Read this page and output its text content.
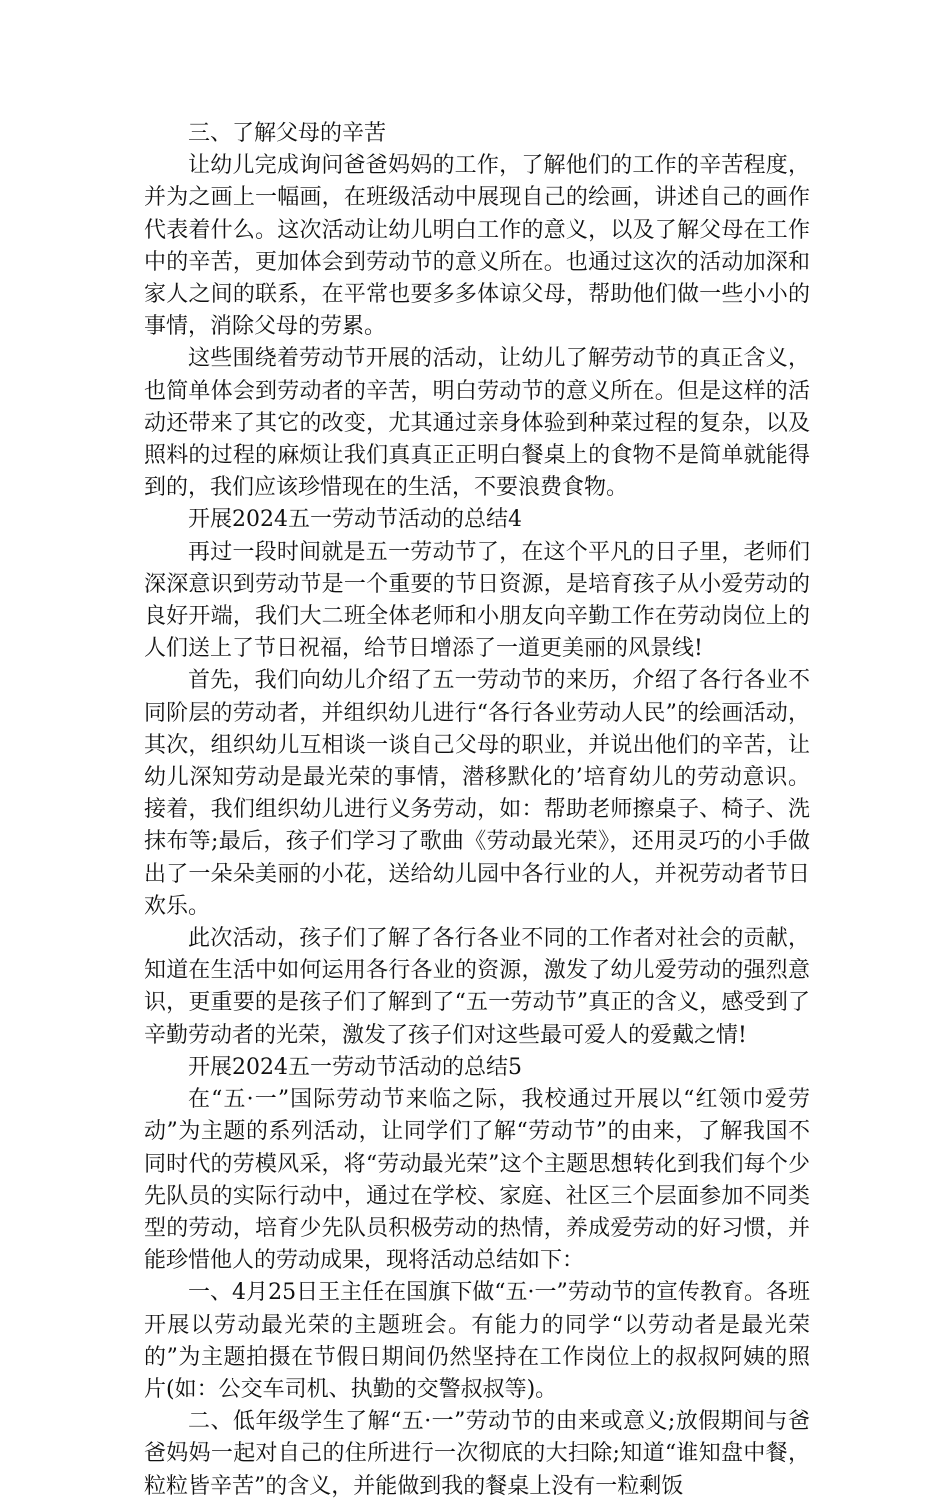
三、了解父母的辛苦

让幼儿完成询问爸爸妈妈的工作，了解他们的工作的辛苦程度，并为之画上一幅画，在班级活动中展现自己的绘画，讲述自己的画作代表着什么。这次活动让幼儿明白工作的意义，以及了解父母在工作中的辛苦，更加体会到劳动节的意义所在。也通过这次的活动加深和家人之间的联系，在平常也要多多体谅父母，帮助他们做一些小小的事情，消除父母的劳累。

这些围绕着劳动节开展的活动，让幼儿了解劳动节的真正含义，也简单体会到劳动者的辛苦，明白劳动节的意义所在。但是这样的活动还带来了其它的改变，尤其通过亲身体验到种菜过程的复杂，以及照料的过程的麻烦让我们真真正正明白餐桌上的食物不是简单就能得到的，我们应该珍惜现在的生活，不要浪费食物。

开展2024五一劳动节活动的总结4

再过一段时间就是五一劳动节了，在这个平凡的日子里，老师们深深意识到劳动节是一个重要的节日资源，是培育孩子从小爱劳动的良好开端，我们大二班全体老师和小朋友向辛勤工作在劳动岗位上的人们送上了节日祝福，给节日增添了一道更美丽的风景线!

首先，我们向幼儿介绍了五一劳动节的来历，介绍了各行各业不同阶层的劳动者，并组织幼儿进行“各行各业劳动人民”的绘画活动，其次，组织幼儿互相谈一谈自己父母的职业，并说出他们的辛苦，让幼儿深知劳动是最光荣的事情，潜移默化的’培育幼儿的劳动意识。接着，我们组织幼儿进行义务劳动，如：帮助老师擦桌子、椅子、洗抹布等;最后，孩子们学习了歌曲《劳动最光荣》，还用灵巧的小手做出了一朵朵美丽的小花，送给幼儿园中各行业的人，并祝劳动者节日欢乐。

此次活动，孩子们了解了各行各业不同的工作者对社会的贡献，知道在生活中如何运用各行各业的资源，激发了幼儿爱劳动的强烈意识，更重要的是孩子们了解到了“五一劳动节”真正的含义，感受到了辛勤劳动者的光荣，激发了孩子们对这些最可爱人的爱戴之情!

开展2024五一劳动节活动的总结5

在“五·一”国际劳动节来临之际，我校通过开展以“红领巾爱劳动”为主题的系列活动，让同学们了解“劳动节”的由来，了解我国不同时代的劳模风采，将“劳动最光荣”这个主题思想转化到我们每个少先队员的实际行动中，通过在学校、家庭、社区三个层面参加不同类型的劳动，培育少先队员积极劳动的热情，养成爱劳动的好习惯，并能珍惜他人的劳动成果，现将活动总结如下：

一、4月25日王主任在国旗下做“五·一”劳动节的宣传教育。各班开展以劳动最光荣的主题班会。有能力的同学“以劳动者是最光荣的”为主题拍摄在节假日期间仍然坚持在工作岗位上的叔叔阿姨的照片(如：公交车司机、执勤的交警叔叔等)。

二、低年级学生了解“五·一”劳动节的由来或意义;放假期间与爸爸妈妈一起对自己的住所进行一次彻底的大扫除;知道“谁知盘中餐，粒粒皆辛苦”的含义，并能做到我的餐桌上没有一粒剩饭
